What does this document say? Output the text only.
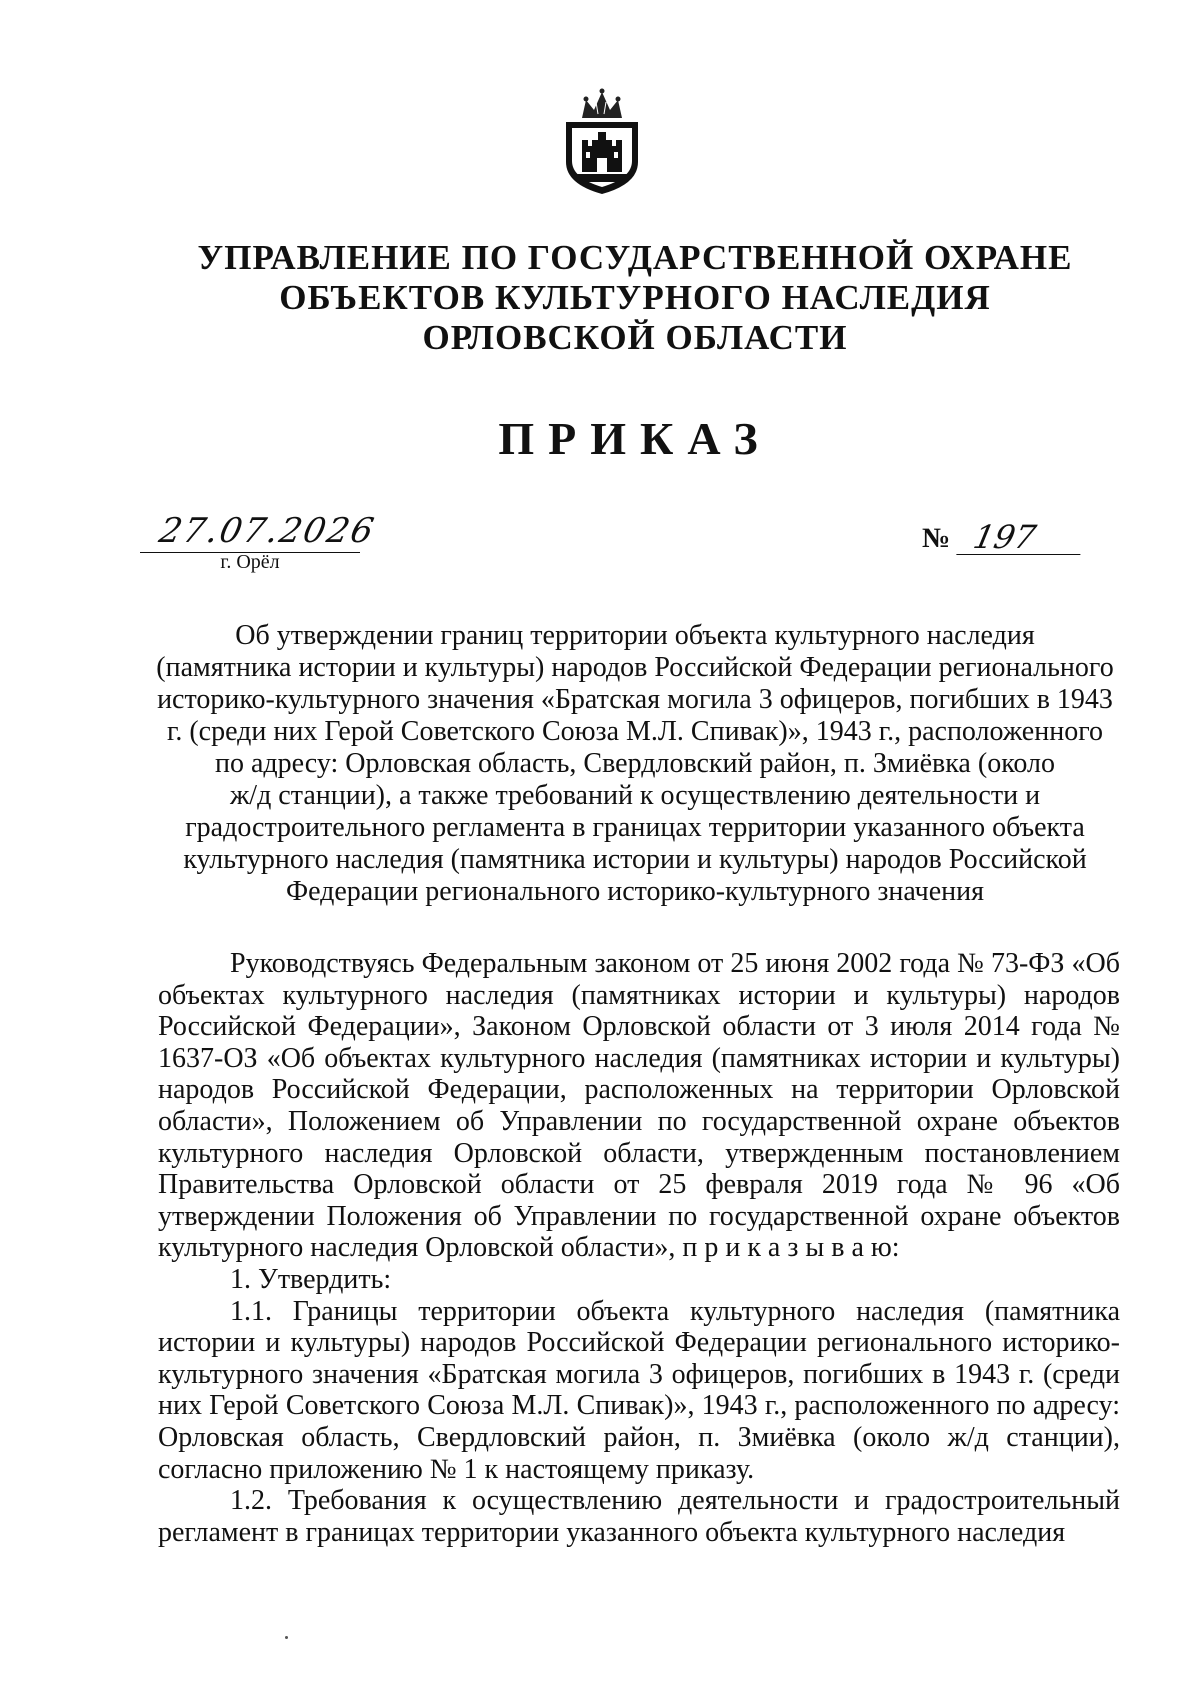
УПРАВЛЕНИЕ ПО ГОСУДАРСТВЕННОЙ ОХРАНЕ
ОБЪЕКТОВ КУЛЬТУРНОГО НАСЛЕДИЯ
ОРЛОВСКОЙ ОБЛАСТИ
ПРИКАЗ
27.07.2026
г. Орёл
№ 197
Об утверждении границ территории объекта культурного наследия
(памятника истории и культуры) народов Российской Федерации регионального
историко-культурного значения «Братская могила 3 офицеров, погибших в 1943
г. (среди них Герой Советского Союза М.Л. Спивак)», 1943 г., расположенного
по адресу: Орловская область, Свердловский район, п. Змиёвка (около
ж/д станции), а также требований к осуществлению деятельности и
градостроительного регламента в границах территории указанного объекта
культурного наследия (памятника истории и культуры) народов Российской
Федерации регионального историко-культурного значения

Руководствуясь Федеральным законом от 25 июня 2002 года № 73-ФЗ «Об объектах культурного наследия (памятниках истории и культуры) народов Российской Федерации», Законом Орловской области от 3 июля 2014 года № 1637-ОЗ «Об объектах культурного наследия (памятниках истории и культуры) народов Российской Федерации, расположенных на территории Орловской области», Положением об Управлении по государственной охране объектов культурного наследия Орловской области, утвержденным постановлением Правительства Орловской области от 25 февраля 2019 года № 96 «Об утверждении Положения об Управлении по государственной охране объектов культурного наследия Орловской области», п р и к а з ы в а ю:

1. Утвердить:

1.1. Границы территории объекта культурного наследия (памятника истории и культуры) народов Российской Федерации регионального историко-культурного значения «Братская могила 3 офицеров, погибших в 1943 г. (среди них Герой Советского Союза М.Л. Спивак)», 1943 г., расположенного по адресу: Орловская область, Свердловский район, п. Змиёвка (около ж/д станции), согласно приложению № 1 к настоящему приказу.

1.2. Требования к осуществлению деятельности и градостроительный регламент в границах территории указанного объекта культурного наследия
